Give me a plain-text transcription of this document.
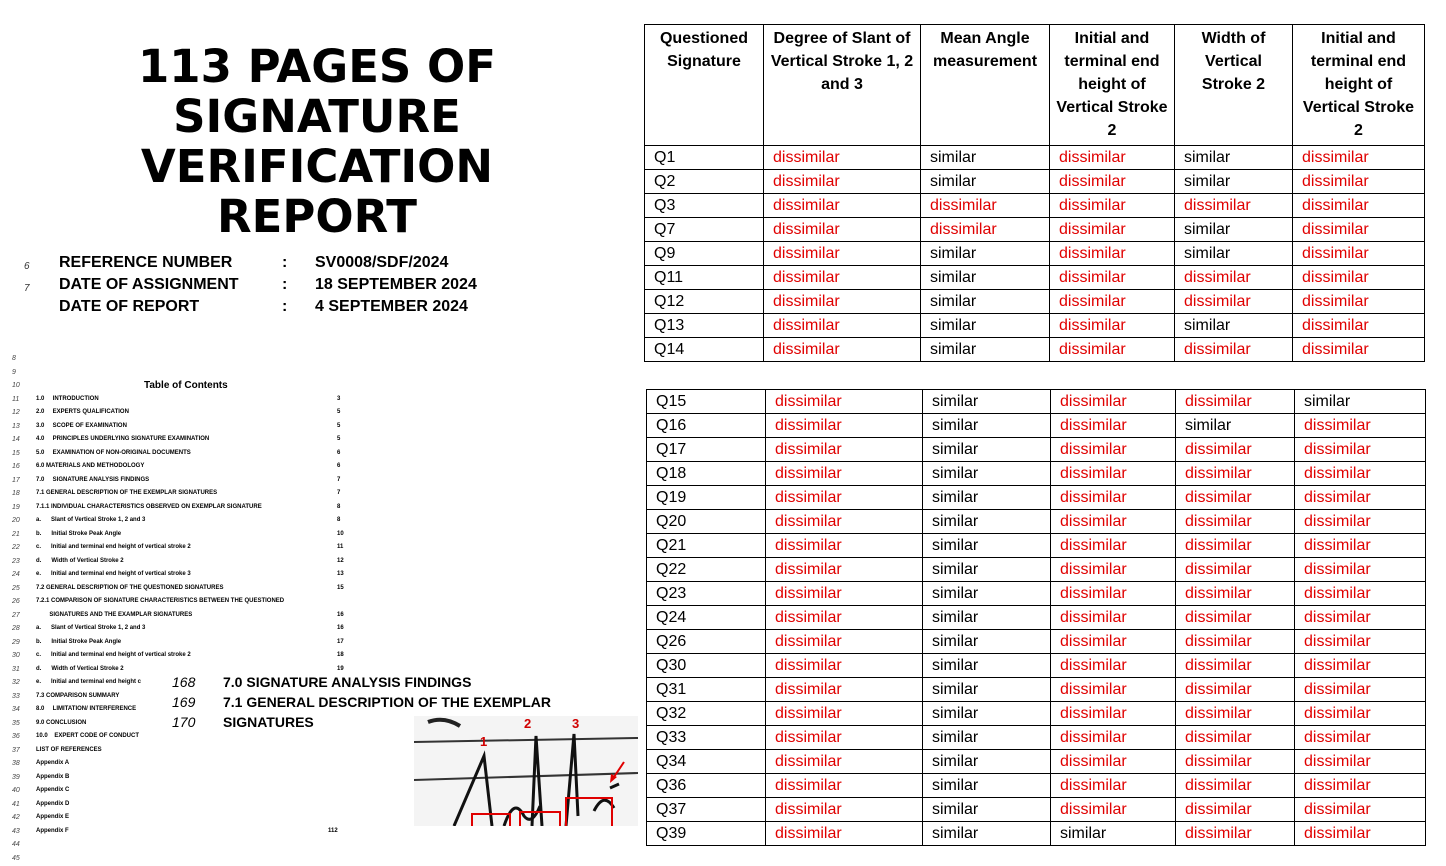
113 PAGES OF
SIGNATURE VERIFICATION
REPORT
6 REFERENCE NUMBER	: SV0008/SDF/2024
7 DATE OF ASSIGNMENT	: 18 SEPTEMBER 2024
DATE OF REPORT	: 4 SEPTEMBER 2024
8
9
10	Table of Contents
11	1.0     INTRODUCTION	3
12	2.0     EXPERTS QUALIFICATION	5
13	3.0     SCOPE OF EXAMINATION	5
14	4.0     PRINCIPLES UNDERLYING SIGNATURE EXAMINATION	5
15	5.0     EXAMINATION OF NON-ORIGINAL DOCUMENTS	6
16	6.0 MATERIALS AND METHODOLOGY	6
17	7.0     SIGNATURE ANALYSIS FINDINGS	7
18	7.1 GENERAL DESCRIPTION OF THE EXEMPLAR SIGNATURES	7
19	7.1.1 INDIVIDUAL CHARACTERISTICS OBSERVED ON EXEMPLAR SIGNATURE	8
20	a.      Slant of Vertical Stroke 1, 2 and 3	8
21	b.      Initial Stroke Peak Angle	10
22	c.      Initial and terminal end height of vertical stroke 2	11
23	d.      Width of Vertical Stroke 2	12
24	e.      Initial and terminal end height of vertical stroke 3	13
25	7.2 GENERAL DESCRIPTION OF THE QUESTIONED SIGNATURES	15
26	7.2.1 COMPARISON OF SIGNATURE CHARACTERISTICS BETWEEN THE QUESTIONED
27	SIGNATURES AND THE EXAMPLAR SIGNATURES	16
28	a.      Slant of Vertical Stroke 1, 2 and 3	16
29	b.      Initial Stroke Peak Angle	17
30	c.      Initial and terminal end height of vertical stroke 2	18
31	d.      Width of Vertical Stroke 2	19
32	e.      Initial and terminal end height c
33	7.3 COMPARISON SUMMARY
34	8.0     LIMITATION/ INTERFERENCE
35	9.0 CONCLUSION
36	10.0    EXPERT CODE OF CONDUCT
37	LIST OF REFERENCES
38	Appendix A
39	Appendix B
40	Appendix C
41	Appendix D
42	Appendix E
43	Appendix F	112
44
45
168 7.0 SIGNATURE ANALYSIS FINDINGS
169 7.1 GENERAL DESCRIPTION OF THE EXEMPLAR SIGNATURES
170
1
2	3
Questioned Signature	Degree of Slant of Vertical Stroke 1, 2 and 3	Mean Angle measurement	Initial and terminal end height of Vertical Stroke 2	Width of Vertical Stroke 2	Initial and terminal end height of Vertical Stroke 2
Q1	dissimilar	similar	dissimilar	similar	dissimilar
Q2	dissimilar	similar	dissimilar	similar	dissimilar
Q3	dissimilar	dissimilar	dissimilar	dissimilar	dissimilar
Q7	dissimilar	dissimilar	dissimilar	similar	dissimilar
Q9	dissimilar	similar	dissimilar	similar	dissimilar
Q11	dissimilar	similar	dissimilar	dissimilar	dissimilar
Q12	dissimilar	similar	dissimilar	dissimilar	dissimilar
Q13	dissimilar	similar	dissimilar	similar	dissimilar
Q14	dissimilar	similar	dissimilar	dissimilar	dissimilar
Q15	dissimilar	similar	dissimilar	dissimilar	similar
Q16	dissimilar	similar	dissimilar	similar	dissimilar
Q17	dissimilar	similar	dissimilar	dissimilar	dissimilar
Q18	dissimilar	similar	dissimilar	dissimilar	dissimilar
Q19	dissimilar	similar	dissimilar	dissimilar	dissimilar
Q20	dissimilar	similar	dissimilar	dissimilar	dissimilar
Q21	dissimilar	similar	dissimilar	dissimilar	dissimilar
Q22	dissimilar	similar	dissimilar	dissimilar	dissimilar
Q23	dissimilar	similar	dissimilar	dissimilar	dissimilar
Q24	dissimilar	similar	dissimilar	dissimilar	dissimilar
Q26	dissimilar	similar	dissimilar	dissimilar	dissimilar
Q30	dissimilar	similar	dissimilar	dissimilar	dissimilar
Q31	dissimilar	similar	dissimilar	dissimilar	dissimilar
Q32	dissimilar	similar	dissimilar	dissimilar	dissimilar
Q33	dissimilar	similar	dissimilar	dissimilar	dissimilar
Q34	dissimilar	similar	dissimilar	dissimilar	dissimilar
Q36	dissimilar	similar	dissimilar	dissimilar	dissimilar
Q37	dissimilar	similar	dissimilar	dissimilar	dissimilar
Q39	dissimilar	similar	similar	dissimilar	dissimilar
